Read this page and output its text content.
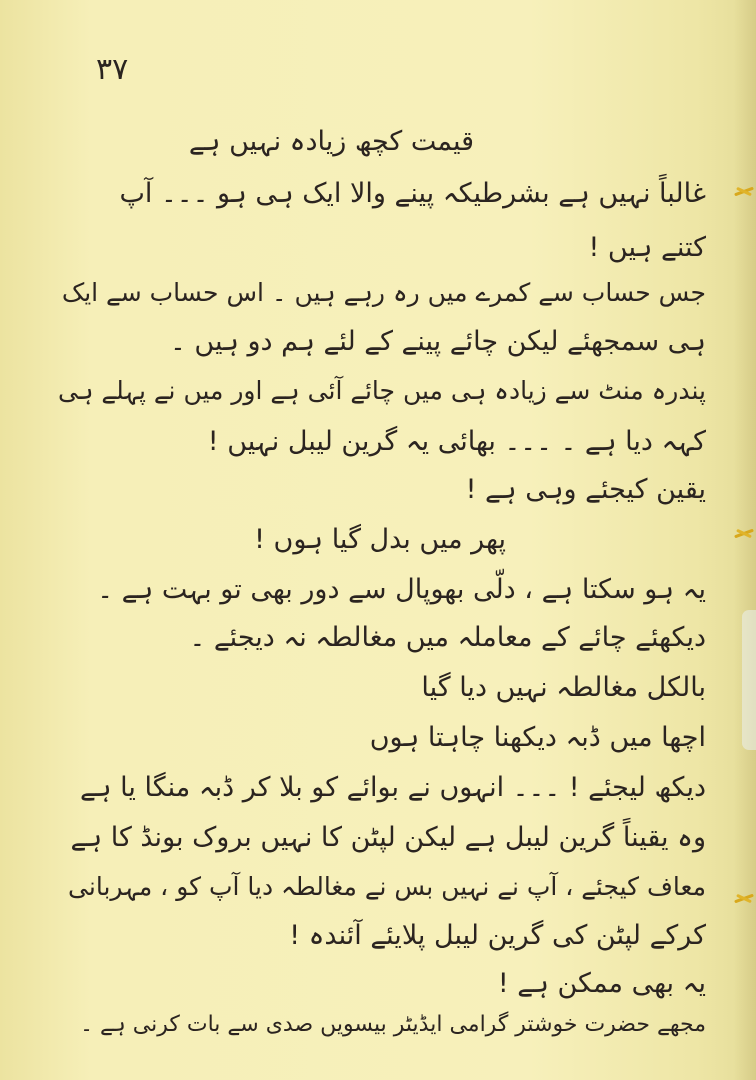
۳۷
قیمت کچھ زیادہ نہیں ہے
غالباً نہیں ہے بشرطیکہ پینے والا ایک ہی ہو ۔۔۔ آپ
کتنے ہیں !
جس حساب سے کمرے میں رہ رہے ہیں ۔ اس حساب سے ایک
ہی سمجھئے لیکن چائے پینے کے لئے ہم دو ہیں ۔
پندرہ منٹ سے زیادہ ہی میں چائے آئی ہے اور میں نے پہلے ہی
کہہ دیا ہے ۔ ۔۔۔ بھائی یہ گرین لیبل نہیں !
یقین کیجئے وہی ہے !
پھر میں بدل گیا ہوں !
یہ ہو سکتا ہے ، دلّی بھوپال سے دور بھی تو بہت ہے ۔
دیکھئے چائے کے معاملہ میں مغالطہ نہ دیجئے ۔
بالکل مغالطہ نہیں دیا گیا
اچھا میں ڈبہ دیکھنا چاہتا ہوں
دیکھ لیجئے ! ۔۔۔ انہوں نے بوائے کو بلا کر ڈبہ منگا یا ہے
وہ یقیناً گرین لیبل ہے لیکن لپٹن کا نہیں بروک بونڈ کا ہے
معاف کیجئے ، آپ نے نہیں بس نے مغالطہ دیا آپ کو ، مہربانی
کرکے لپٹن کی گرین لیبل پلایئے آئندہ !
یہ بھی ممکن ہے !
مجھے حضرت خوشتر گرامی ایڈیٹر بیسویں صدی سے بات کرنی ہے ۔
